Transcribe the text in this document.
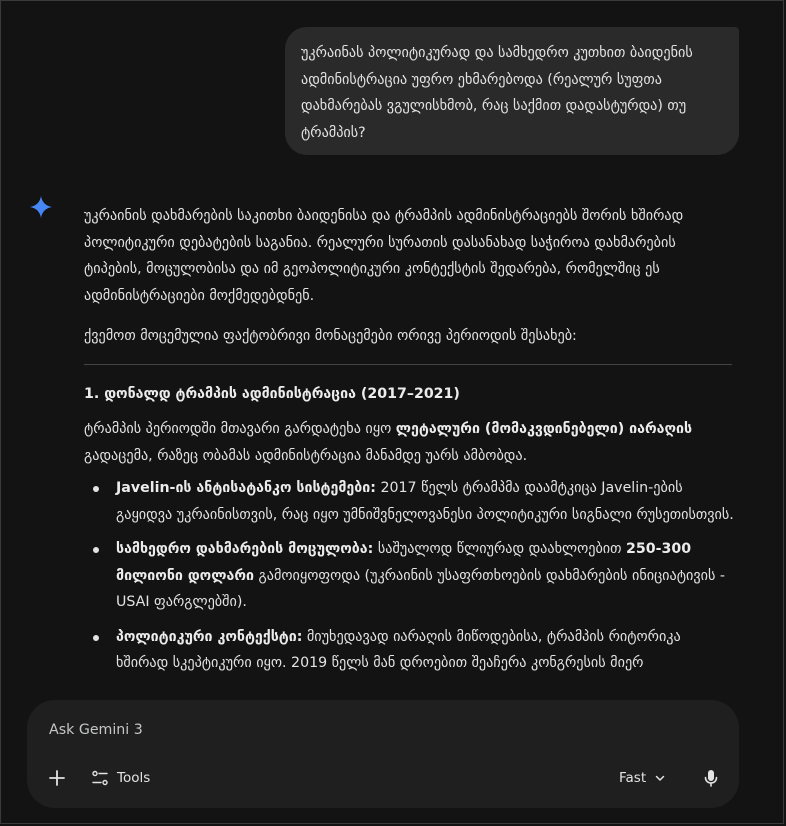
უკრაინას პოლიტიკურად და სამხედრო კუთხით ბაიდენის ადმინისტრაცია უფრო ეხმარებოდა (რეალურ სუფთა დახმარებას ვგულისხმობ, რაც საქმით დადასტურდა) თუ ტრამპის?

უკრაინის დახმარების საკითხი ბაიდენისა და ტრამპის ადმინისტრაციებს შორის ხშირად პოლიტიკური დებატების საგანია. რეალური სურათის დასანახად საჭიროა დახმარების ტიპების, მოცულობისა და იმ გეოპოლიტიკური კონტექსტის შედარება, რომელშიც ეს ადმინისტრაციები მოქმედებდნენ.

ქვემოთ მოცემულია ფაქტობრივი მონაცემები ორივე პერიოდის შესახებ:

1. დონალდ ტრამპის ადმინისტრაცია (2017–2021)

ტრამპის პერიოდში მთავარი გარდატეხა იყო ლეტალური (მომაკვდინებელი) იარაღის გადაცემა, რაზეც ობამას ადმინისტრაცია მანამდე უარს ამბობდა.

Javelin-ის ანტისატანკო სისტემები: 2017 წელს ტრამპმა დაამტკიცა Javelin-ების გაყიდვა უკრაინისთვის, რაც იყო უმნიშვნელოვანესი პოლიტიკური სიგნალი რუსეთისთვის.
სამხედრო დახმარების მოცულობა: საშუალოდ წლიურად დაახლოებით 250-300 მილიონი დოლარი გამოიყოფოდა (უკრაინის უსაფრთხოების დახმარების ინიციატივის - USAI ფარგლებში).
პოლიტიკური კონტექსტი: მიუხედავად იარაღის მიწოდებისა, ტრამპის რიტორიკა ხშირად სკეპტიკური იყო. 2019 წელს მან დროებით შეაჩერა კონგრესის მიერ
Ask Gemini 3
Tools	Fast
